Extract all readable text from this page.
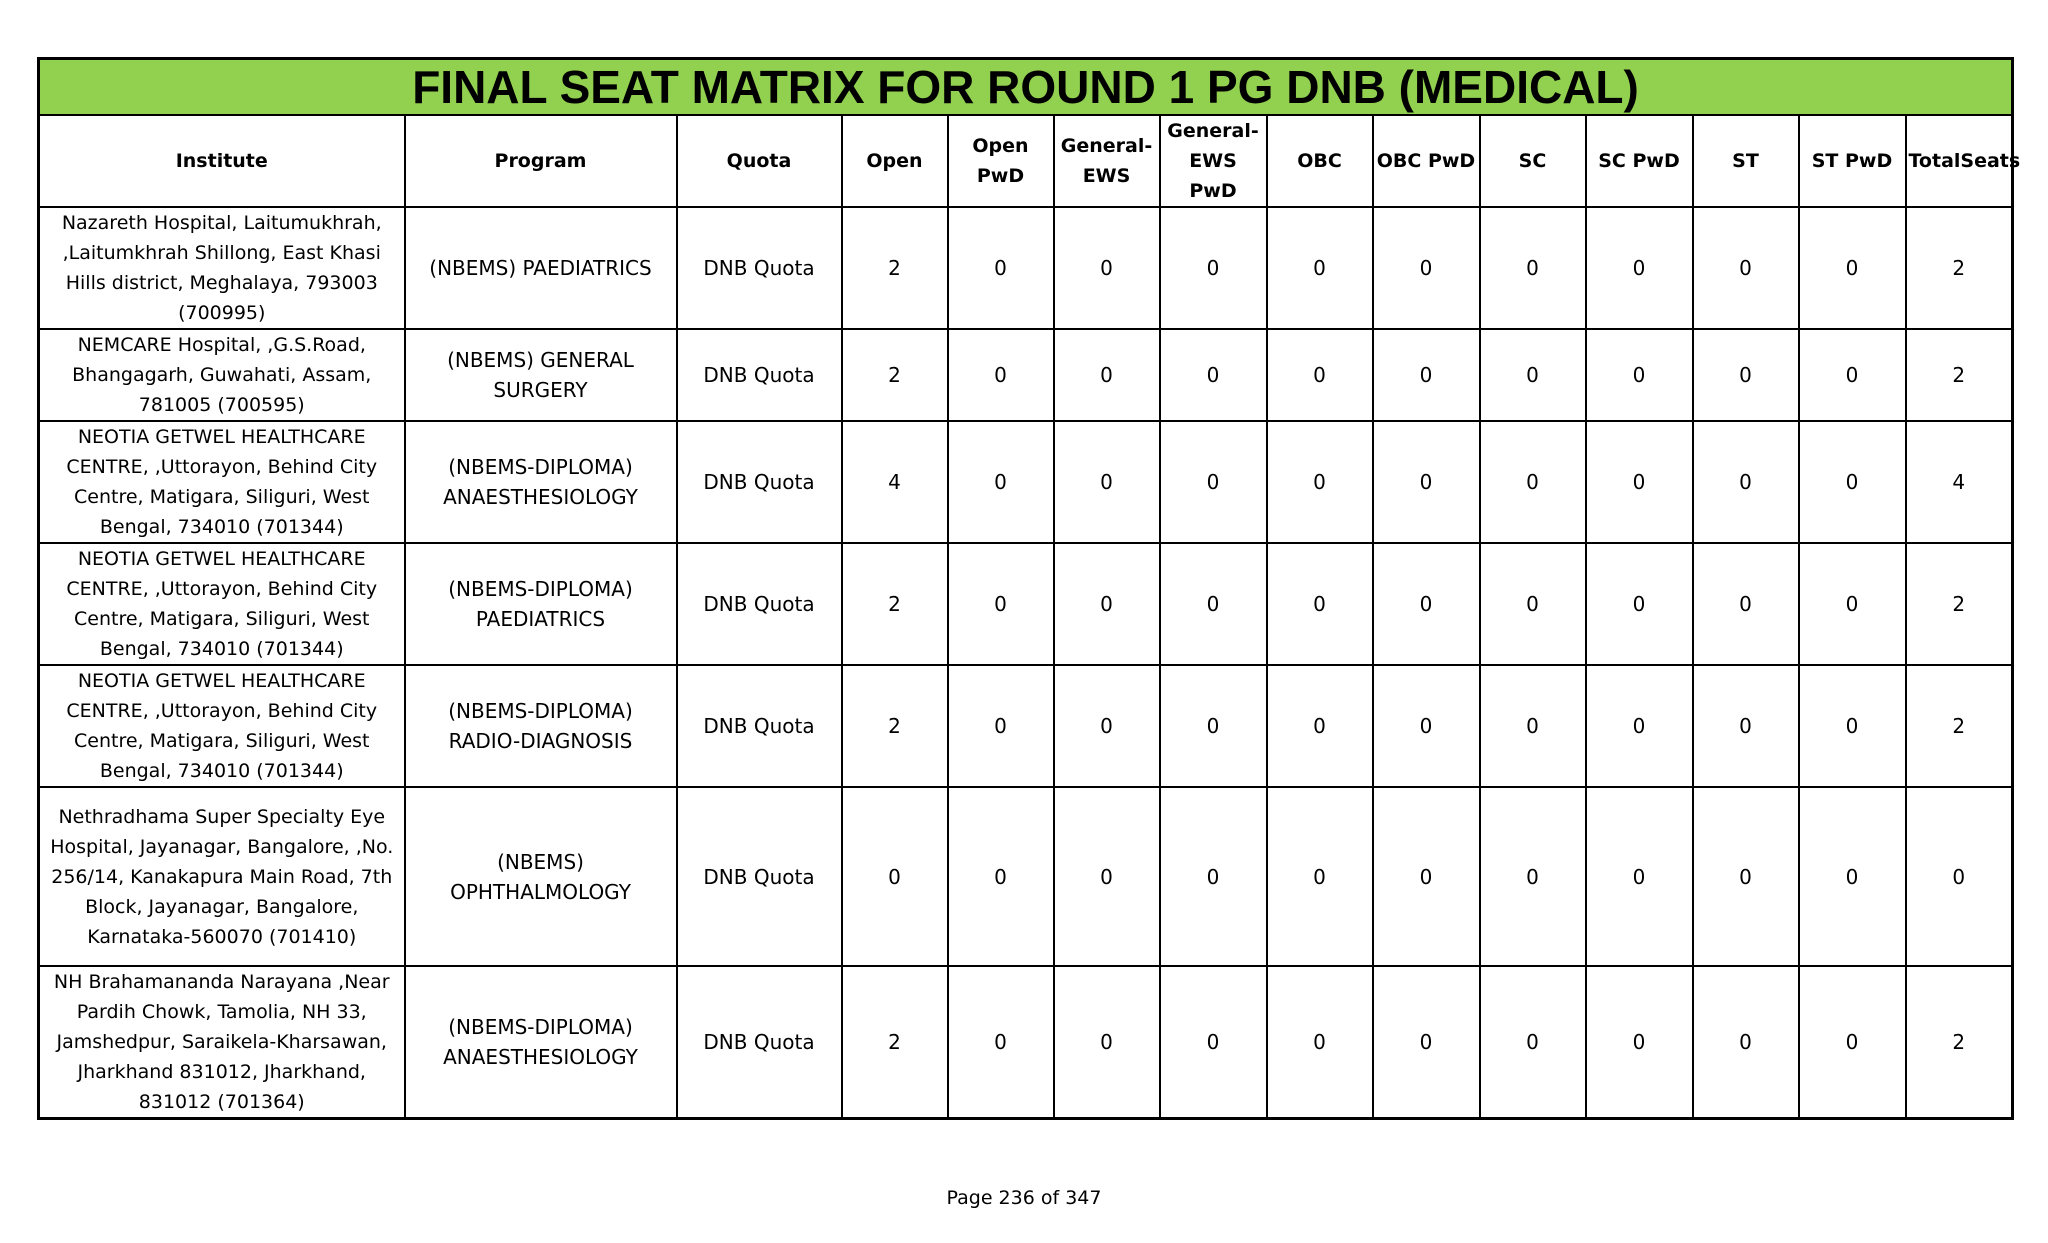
FINAL SEAT MATRIX FOR ROUND 1 PG DNB (MEDICAL)													
Institute	Program	Quota	Open	Open PwD	General-EWS	General-EWS PwD	OBC	OBC PwD	SC	SC PwD	ST	ST PwD	TotalSeats
Nazareth Hospital, Laitumukhrah, ,Laitumkhrah Shillong, East Khasi Hills district, Meghalaya, 793003 (700995)	(NBEMS) PAEDIATRICS	DNB Quota	2	0	0	0	0	0	0	0	0	0	2
NEMCARE Hospital, ,G.S.Road, Bhangagarh, Guwahati, Assam, 781005 (700595)	(NBEMS) GENERAL SURGERY	DNB Quota	2	0	0	0	0	0	0	0	0	0	2
NEOTIA GETWEL HEALTHCARE CENTRE, ,Uttorayon, Behind City Centre, Matigara, Siliguri, West Bengal, 734010 (701344)	(NBEMS-DIPLOMA) ANAESTHESIOLOGY	DNB Quota	4	0	0	0	0	0	0	0	0	0	4
NEOTIA GETWEL HEALTHCARE CENTRE, ,Uttorayon, Behind City Centre, Matigara, Siliguri, West Bengal, 734010 (701344)	(NBEMS-DIPLOMA) PAEDIATRICS	DNB Quota	2	0	0	0	0	0	0	0	0	0	2
NEOTIA GETWEL HEALTHCARE CENTRE, ,Uttorayon, Behind City Centre, Matigara, Siliguri, West Bengal, 734010 (701344)	(NBEMS-DIPLOMA) RADIO-DIAGNOSIS	DNB Quota	2	0	0	0	0	0	0	0	0	0	2
Nethradhama Super Specialty Eye Hospital, Jayanagar, Bangalore, ,No. 256/14, Kanakapura Main Road, 7th Block, Jayanagar, Bangalore, Karnataka-560070 (701410)	(NBEMS) OPHTHALMOLOGY	DNB Quota	0	0	0	0	0	0	0	0	0	0	0
NH Brahamananda Narayana ,Near Pardih Chowk, Tamolia, NH 33, Jamshedpur, Saraikela-Kharsawan, Jharkhand 831012, Jharkhand, 831012 (701364)	(NBEMS-DIPLOMA) ANAESTHESIOLOGY	DNB Quota	2	0	0	0	0	0	0	0	0	0	2
Page 236 of 347
